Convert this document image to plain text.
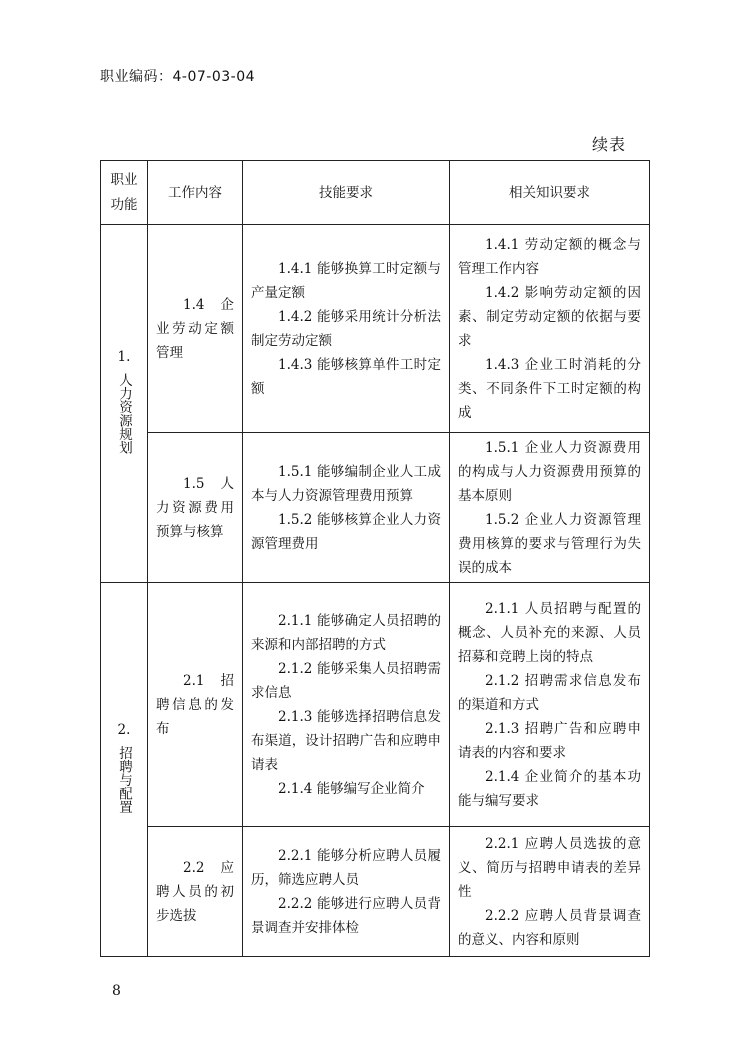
职业编码：4-07-03-04
续表
职业
功能	工作内容	技能要求	相关知识要求

1.
人力资源规划	1.4 企业劳动定额管理	1.4.1 能够换算工时定额与产量定额
1.4.2 能够采用统计分析法制定劳动定额
1.4.3 能够核算单件工时定额	1.4.1 劳动定额的概念与管理工作内容
1.4.2 影响劳动定额的因素、制定劳动定额的依据与要求
1.4.3 企业工时消耗的分类、不同条件下工时定额的构成

	1.5 人力资源费用预算与核算	1.5.1 能够编制企业人工成本与人力资源管理费用预算
1.5.2 能够核算企业人力资源管理费用	1.5.1 企业人力资源费用的构成与人力资源费用预算的基本原则
1.5.2 企业人力资源管理费用核算的要求与管理行为失误的成本

2.
招聘与配置	2.1 招聘信息的发布	2.1.1 能够确定人员招聘的来源和内部招聘的方式
2.1.2 能够采集人员招聘需求信息
2.1.3 能够选择招聘信息发布渠道，设计招聘广告和应聘申请表
2.1.4 能够编写企业简介	2.1.1 人员招聘与配置的概念、人员补充的来源、人员招募和竞聘上岗的特点
2.1.2 招聘需求信息发布的渠道和方式
2.1.3 招聘广告和应聘申请表的内容和要求
2.1.4 企业简介的基本功能与编写要求

	2.2 应聘人员的初步选拔	2.2.1 能够分析应聘人员履历，筛选应聘人员
2.2.2 能够进行应聘人员背景调查并安排体检	2.2.1 应聘人员选拔的意义、简历与招聘申请表的差异性
2.2.2 应聘人员背景调查的意义、内容和原则
8
